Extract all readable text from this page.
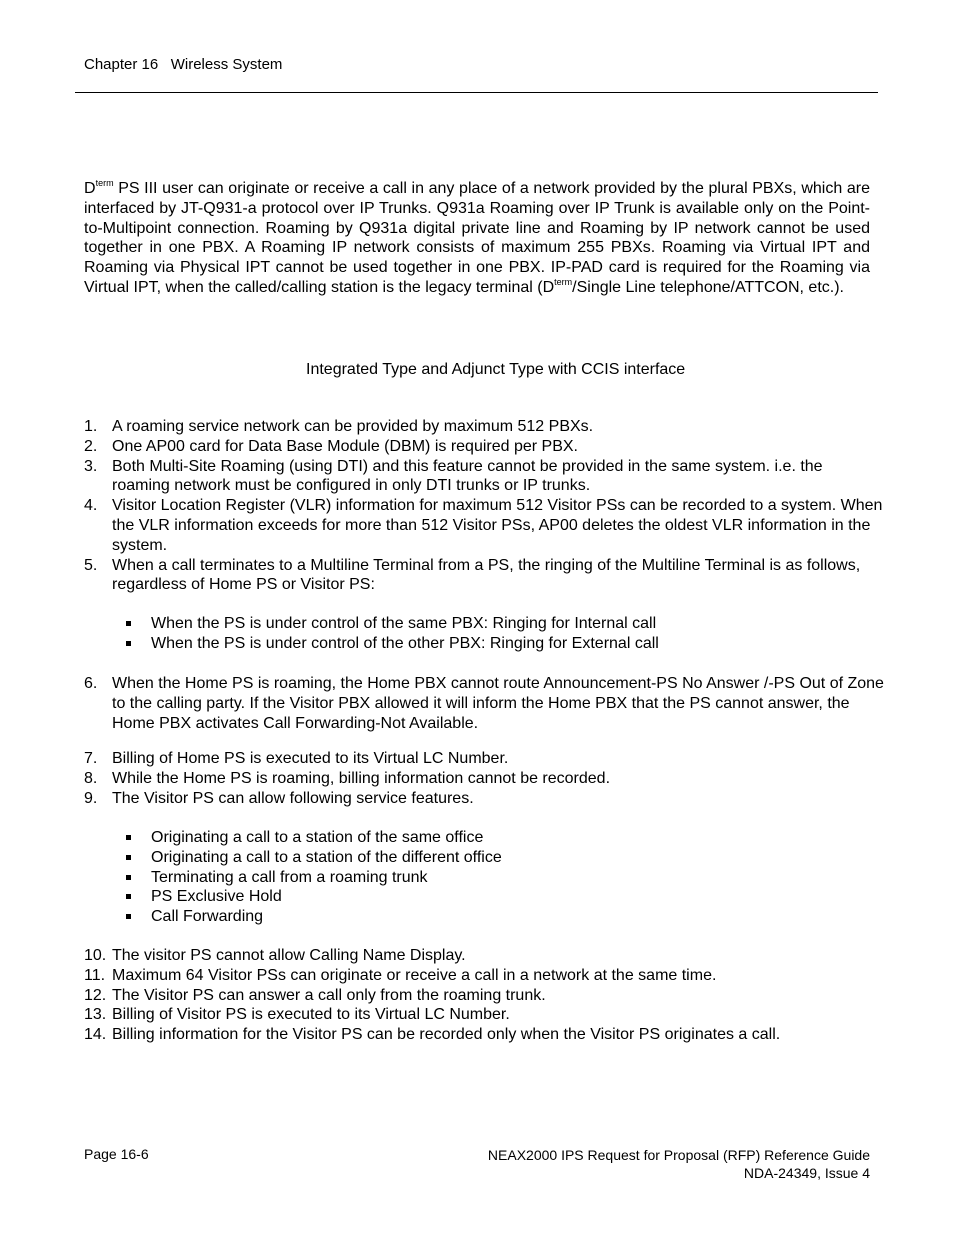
Chapter 16 Wireless System

$D^{term}$ PS III user can originate or receive a call in any place of a network provided by the plural PBXs, which are interfaced by JT-Q931-a protocol over IP Trunks. Q931a Roaming over IP Trunk is available only on the Point-to-Multipoint connection. Roaming by Q931a digital private line and Roaming by IP network cannot be used together in one PBX. A Roaming IP network consists of maximum 255 PBXs. Roaming via Virtual IPT and Roaming via Physical IPT cannot be used together in one PBX. IP-PAD card is required for the Roaming via Virtual IPT, when the called/calling station is the legacy terminal ($D^{term}$/Single Line telephone/ATTCON, etc.).

Integrated Type and Adjunct Type with CCIS interface
1. A roaming service network can be provided by maximum 512 PBXs.
2. One AP00 card for Data Base Module (DBM) is required per PBX.
3. Both Multi-Site Roaming (using DTI) and this feature cannot be provided in the same system. i.e. the roaming network must be configured in only DTI trunks or IP trunks.
4. Visitor Location Register (VLR) information for maximum 512 Visitor PSs can be recorded to a system. When the VLR information exceeds for more than 512 Visitor PSs, AP00 deletes the oldest VLR information in the system.
5. When a call terminates to a Multiline Terminal from a PS, the ringing of the Multiline Terminal is as follows, regardless of Home PS or Visitor PS:
When the PS is under control of the same PBX: Ringing for Internal call
When the PS is under control of the other PBX: Ringing for External call
6. When the Home PS is roaming, the Home PBX cannot route Announcement-PS No Answer /-PS Out of Zone to the calling party. If the Visitor PBX allowed it will inform the Home PBX that the PS cannot answer, the Home PBX activates Call Forwarding-Not Available.
7. Billing of Home PS is executed to its Virtual LC Number.
8. While the Home PS is roaming, billing information cannot be recorded.
9. The Visitor PS can allow following service features.
Originating a call to a station of the same office
Originating a call to a station of the different office
Terminating a call from a roaming trunk
PS Exclusive Hold
Call Forwarding
10. The visitor PS cannot allow Calling Name Display.
11. Maximum 64 Visitor PSs can originate or receive a call in a network at the same time.
12. The Visitor PS can answer a call only from the roaming trunk.
13. Billing of Visitor PS is executed to its Virtual LC Number.
14. Billing information for the Visitor PS can be recorded only when the Visitor PS originates a call.
Page 16-6	NEAX2000 IPS Request for Proposal (RFP) Reference Guide
NDA-24349, Issue 4
